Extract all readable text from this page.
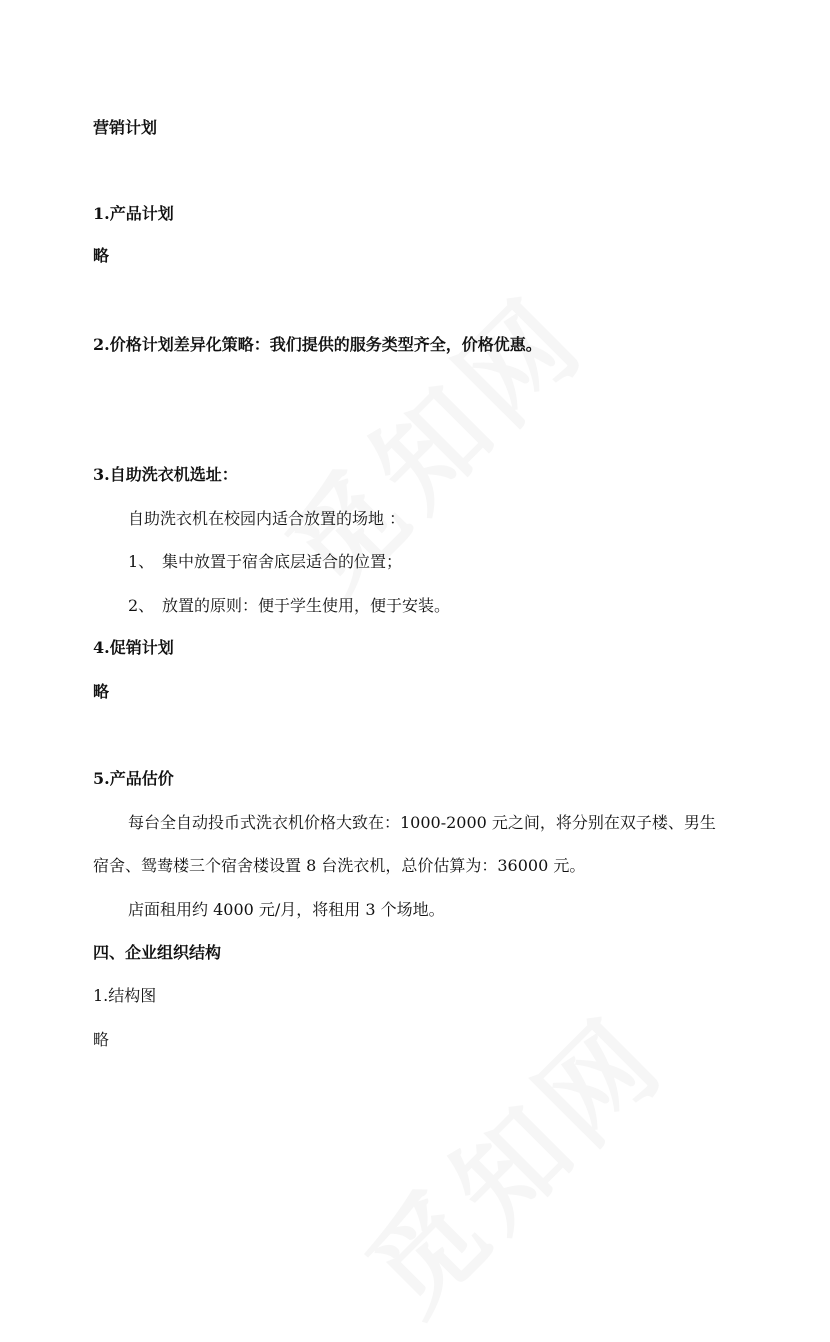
营销计划
1.产品计划
略
2.价格计划差异化策略：我们提供的服务类型齐全，价格优惠。
3.自助洗衣机选址：
自助洗衣机在校园内适合放置的场地 ：
1、 集中放置于宿舍底层适合的位置；
2、 放置的原则：便于学生使用，便于安装。
4.促销计划
略
5.产品估价
每台全自动投币式洗衣机价格大致在：1000-2000 元之间，将分别在双子楼、男生
宿舍、鸳鸯楼三个宿舍楼设置 8 台洗衣机，总价估算为：36000 元。
店面租用约 4000 元/月，将租用 3 个场地。
四、企业组织结构
1.结构图
略
